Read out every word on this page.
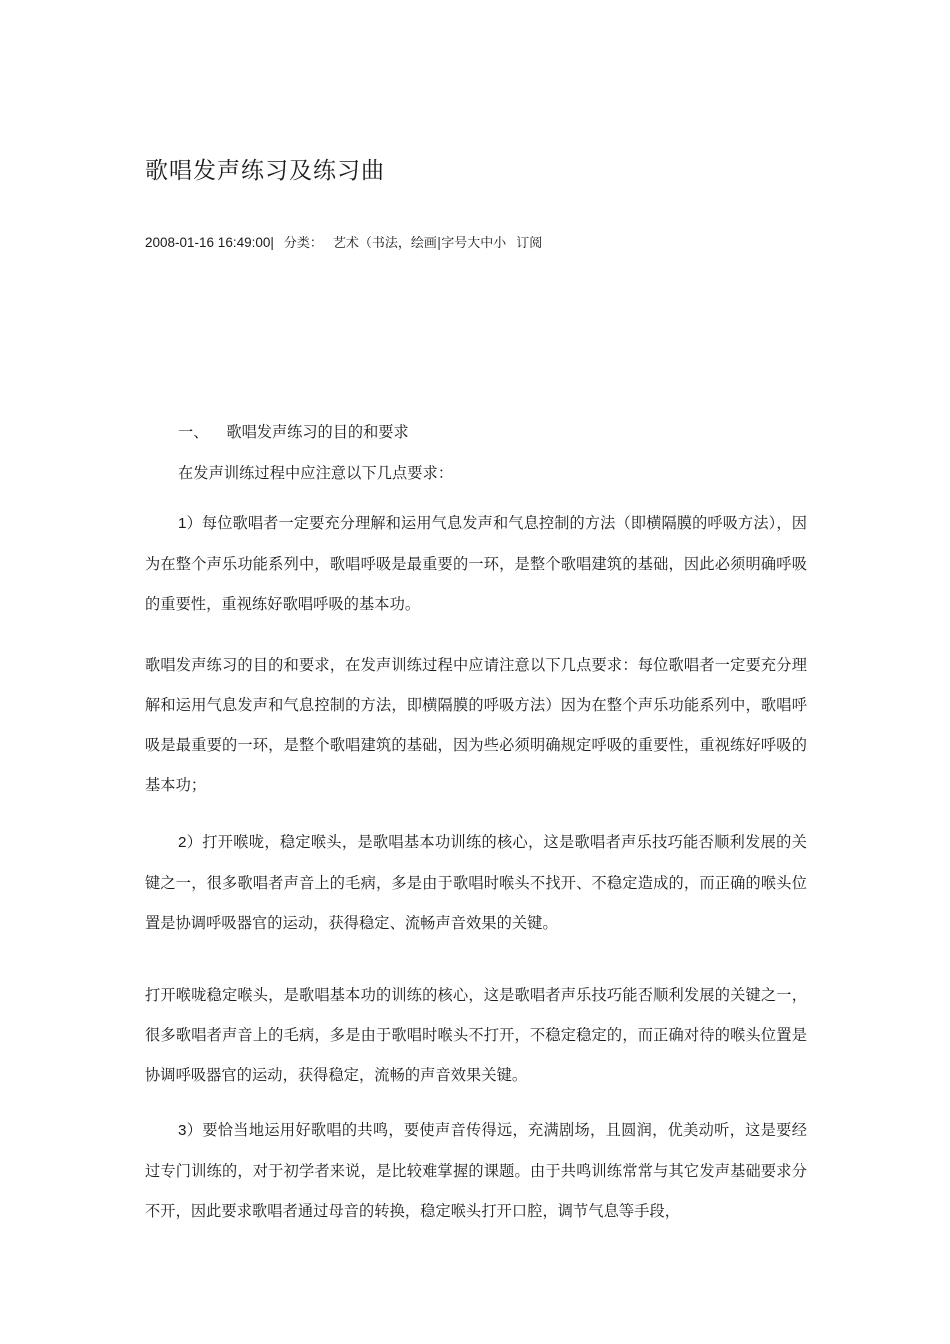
歌唱发声练习及练习曲
2008-01-16 16:49:00| 分类： 艺术（书法，绘画|字号大中小 订阅
一、 歌唱发声练习的目的和要求
在发声训练过程中应注意以下几点要求：
1）每位歌唱者一定要充分理解和运用气息发声和气息控制的方法（即横隔膜的呼吸方法），因为在整个声乐功能系列中，歌唱呼吸是最重要的一环，是整个歌唱建筑的基础，因此必须明确呼吸的重要性，重视练好歌唱呼吸的基本功。
歌唱发声练习的目的和要求，在发声训练过程中应请注意以下几点要求：每位歌唱者一定要充分理解和运用气息发声和气息控制的方法，即横隔膜的呼吸方法）因为在整个声乐功能系列中，歌唱呼吸是最重要的一环，是整个歌唱建筑的基础，因为些必须明确规定呼吸的重要性，重视练好呼吸的基本功；
2）打开喉咙，稳定喉头，是歌唱基本功训练的核心，这是歌唱者声乐技巧能否顺利发展的关键之一，很多歌唱者声音上的毛病，多是由于歌唱时喉头不找开、不稳定造成的，而正确的喉头位置是协调呼吸器官的运动，获得稳定、流畅声音效果的关键。
打开喉咙稳定喉头，是歌唱基本功的训练的核心，这是歌唱者声乐技巧能否顺利发展的关键之一，很多歌唱者声音上的毛病，多是由于歌唱时喉头不打开，不稳定稳定的，而正确对待的喉头位置是协调呼吸器官的运动，获得稳定，流畅的声音效果关键。
3）要恰当地运用好歌唱的共鸣，要使声音传得远，充满剧场，且圆润，优美动听，这是要经过专门训练的，对于初学者来说，是比较难掌握的课题。由于共鸣训练常常与其它发声基础要求分不开，因此要求歌唱者通过母音的转换，稳定喉头打开口腔，调节气息等手段，
